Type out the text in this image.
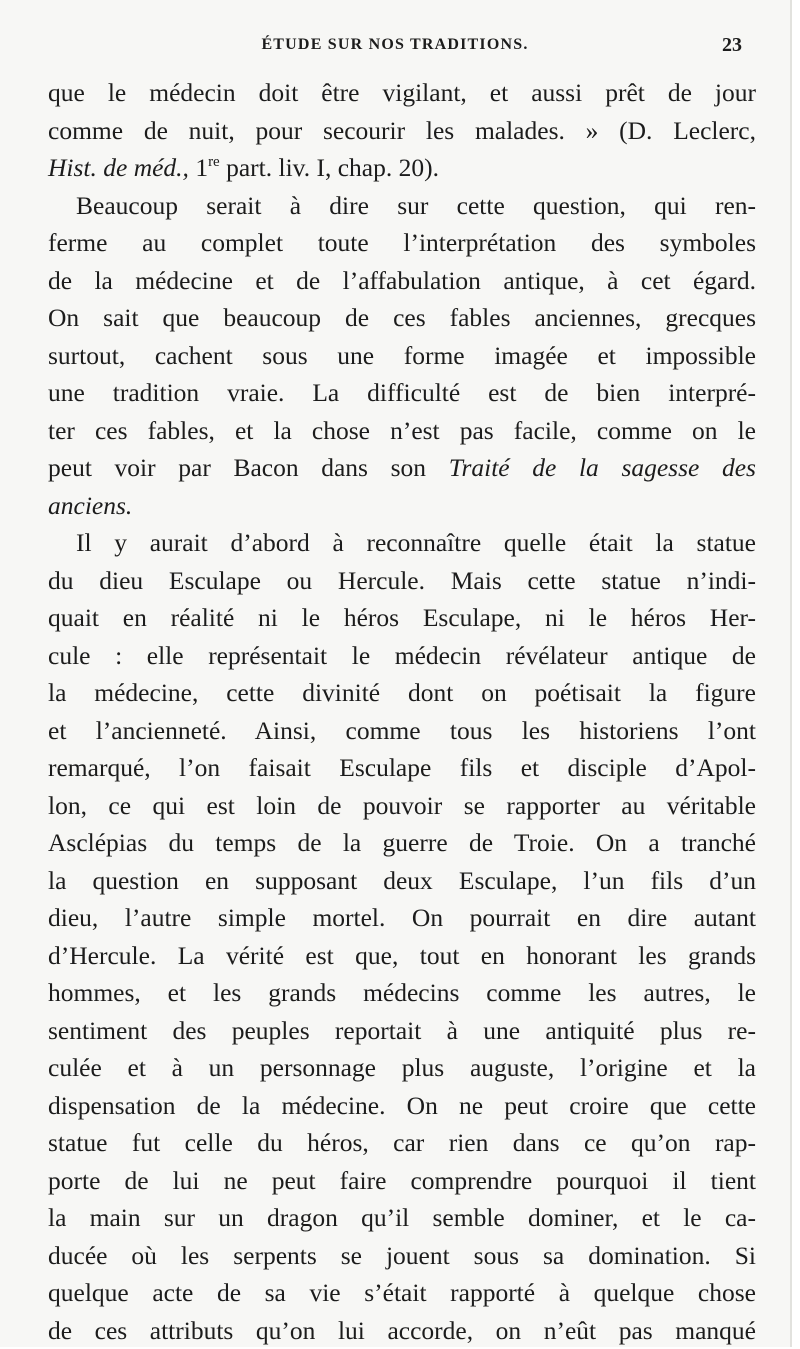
ÉTUDE SUR NOS TRADITIONS.	23
que le médecin doit être vigilant, et aussi prêt de jour
comme de nuit, pour secourir les malades. » (D. Leclerc,
Hist. de méd., 1re part. liv. I, chap. 20).
Beaucoup serait à dire sur cette question, qui ren-
ferme au complet toute l’interprétation des symboles
de la médecine et de l’affabulation antique, à cet égard.
On sait que beaucoup de ces fables anciennes, grecques
surtout, cachent sous une forme imagée et impossible
une tradition vraie. La difficulté est de bien interpré-
ter ces fables, et la chose n’est pas facile, comme on le
peut voir par Bacon dans son Traité de la sagesse des
anciens.
Il y aurait d’abord à reconnaître quelle était la statue
du dieu Esculape ou Hercule. Mais cette statue n’indi-
quait en réalité ni le héros Esculape, ni le héros Her-
cule : elle représentait le médecin révélateur antique de
la médecine, cette divinité dont on poétisait la figure
et l’ancienneté. Ainsi, comme tous les historiens l’ont
remarqué, l’on faisait Esculape fils et disciple d’Apol-
lon, ce qui est loin de pouvoir se rapporter au véritable
Asclépias du temps de la guerre de Troie. On a tranché
la question en supposant deux Esculape, l’un fils d’un
dieu, l’autre simple mortel. On pourrait en dire autant
d’Hercule. La vérité est que, tout en honorant les grands
hommes, et les grands médecins comme les autres, le
sentiment des peuples reportait à une antiquité plus re-
culée et à un personnage plus auguste, l’origine et la
dispensation de la médecine. On ne peut croire que cette
statue fut celle du héros, car rien dans ce qu’on rap-
porte de lui ne peut faire comprendre pourquoi il tient
la main sur un dragon qu’il semble dominer, et le ca-
ducée où les serpents se jouent sous sa domination. Si
quelque acte de sa vie s’était rapporté à quelque chose
de ces attributs qu’on lui accorde, on n’eût pas manqué
